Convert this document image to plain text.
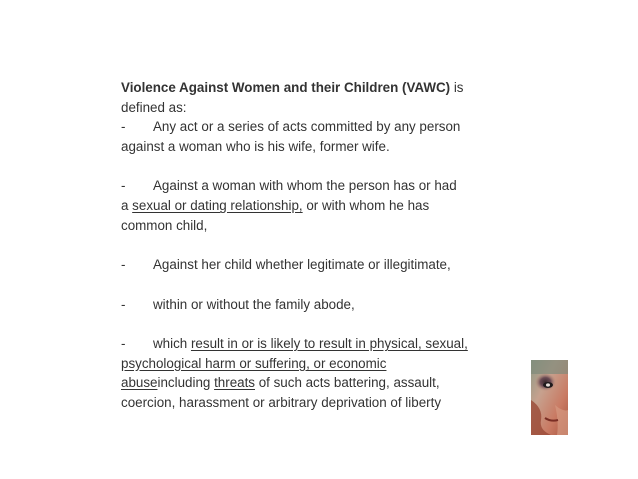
Violence Against Women and their Children (VAWC) is
defined as:
- Any act or a series of acts committed by any person
against a woman who is his wife, former wife.
- Against a woman with whom the person has or had
a sexual or dating relationship, or with whom he has
common child,
- Against her child whether legitimate or illegitimate,
- within or without the family abode,
- which result in or is likely to result in physical, sexual,
psychological harm or suffering, or economic
abuseincluding threats of such acts battering, assault,
coercion, harassment or arbitrary deprivation of liberty
